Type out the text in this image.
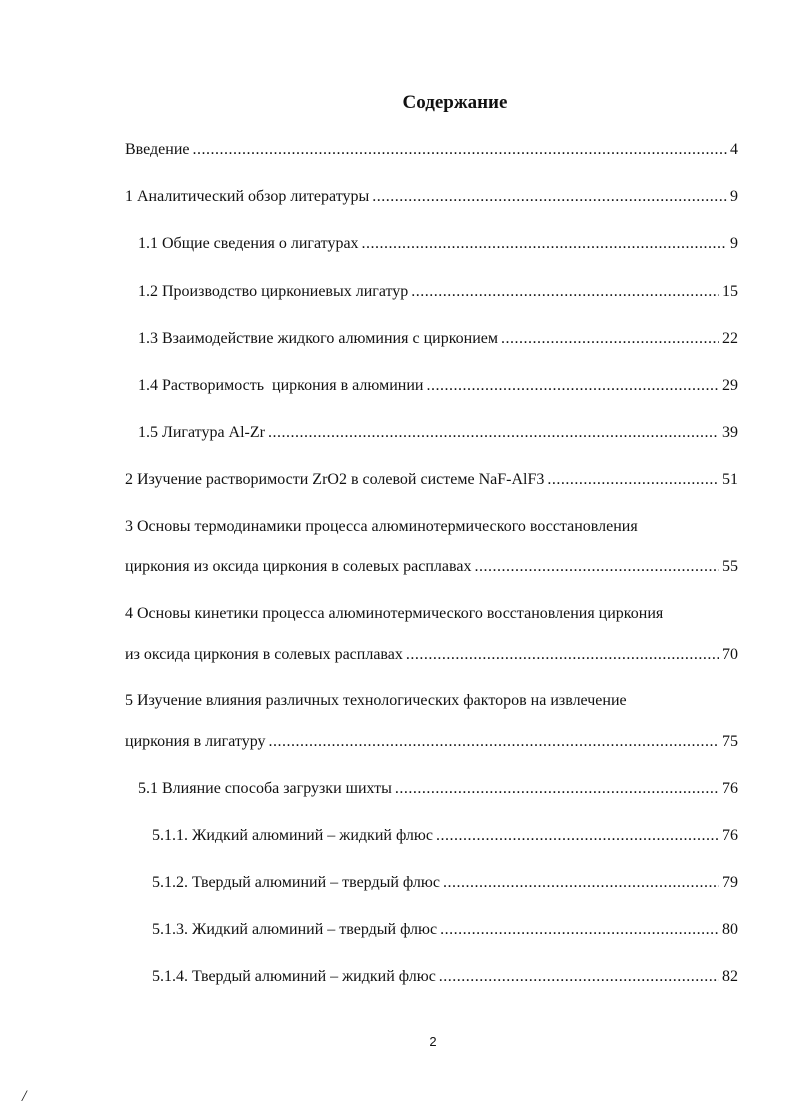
Содержание
Введение .....	4
1 Аналитический обзор литературы .....	9
1.1 Общие сведения о лигатурах .....	9
1.2 Производство циркониевых лигатур .....	15
1.3 Взаимодействие жидкого алюминия с цирконием .....	22
1.4 Растворимость  циркония в алюминии .....	29
1.5 Лигатура Al-Zr .....	39
2 Изучение растворимости ZrO2 в солевой системе NaF-AlF3 .....	51
3 Основы термодинамики процесса алюминотермического восстановления
циркония из оксида циркония в солевых расплавах .....	55
4 Основы кинетики процесса алюминотермического восстановления циркония
из оксида циркония в солевых расплавах .....	70
5 Изучение влияния различных технологических факторов на извлечение
циркония в лигатуру .....	75
5.1 Влияние способа загрузки шихты .....	76
5.1.1. Жидкий алюминий – жидкий флюс .....	76
5.1.2. Твердый алюминий – твердый флюс .....	79
5.1.3. Жидкий алюминий – твердый флюс .....	80
5.1.4. Твердый алюминий – жидкий флюс .....	82
2
/
